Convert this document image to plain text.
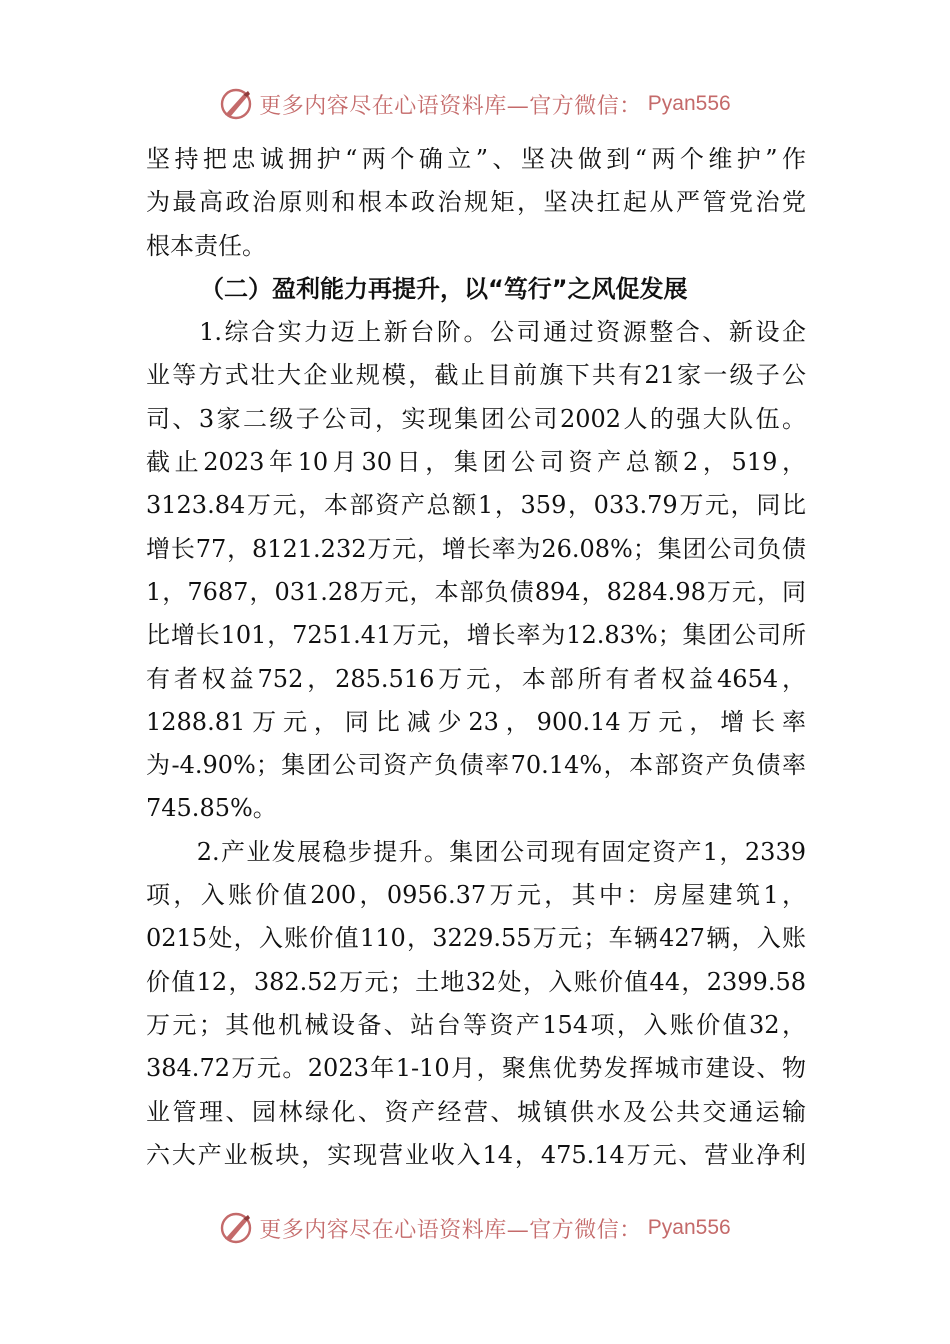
更多内容尽在心语资料库—官方微信： Pyan556
坚持把忠诚拥护“两个确立”、坚决做到“两个维护”作
为最高政治原则和根本政治规矩，坚决扛起从严管党治党
根本责任。
（二）盈利能力再提升，以“笃行”之风促发展
　　1.综合实力迈上新台阶。公司通过资源整合、新设企
业等方式壮大企业规模，截止目前旗下共有21家一级子公
司、3家二级子公司，实现集团公司2002人的强大队伍。
截止2023年10月30日，集团公司资产总额2，519，
3123.84万元，本部资产总额1，359，033.79万元，同比
增长77，8121.232万元，增长率为26.08%；集团公司负债
1，7687，031.28万元，本部负债894，8284.98万元，同
比增长101，7251.41万元，增长率为12.83%；集团公司所
有者权益752，285.516万元，本部所有者权益4654，
1288.81万元，同比减少23，900.14万元，增长率
为-4.90%；集团公司资产负债率70.14%，本部资产负债率
745.85%。
　　2.产业发展稳步提升。集团公司现有固定资产1，2339
项，入账价值200，0956.37万元，其中：房屋建筑1，
0215处，入账价值110，3229.55万元；车辆427辆，入账
价值12，382.52万元；土地32处，入账价值44，2399.58
万元；其他机械设备、站台等资产154项，入账价值32，
384.72万元。2023年1-10月，聚焦优势发挥城市建设、物
业管理、园林绿化、资产经营、城镇供水及公共交通运输
六大产业板块，实现营业收入14，475.14万元、营业净利
更多内容尽在心语资料库—官方微信： Pyan556
